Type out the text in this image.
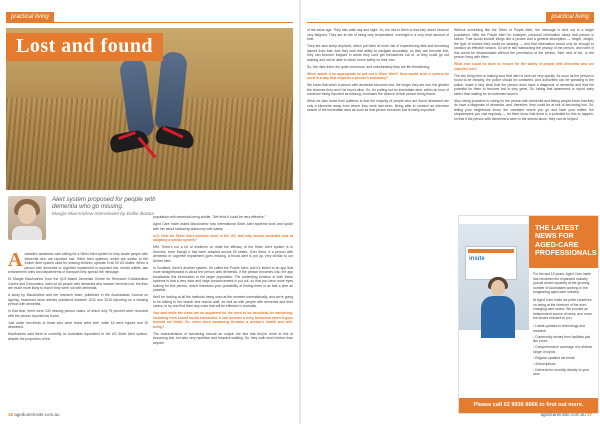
practical living
Lost and found
Alert system proposed for people with dementia who go missing.
Margie MacAndrew interviewed by Dallie Barton

Australia's academic care calling for a Silver Alert system to help locate people with dementia who are reported lost. Silver Alert systems, which are similar to the Amber Alert system used for missing children, operate in all 50 US states. When a person with dementia or cognitive impairment is reported lost, media outlets, law enforcement units and departments of transport help spread the message.

Dr Margie MacAndrew, from the QUT-based Dementia Centre for Research Collaboration Carers and Consumers, said not all people with dementia who wander become lost, but they are much more likely to than if they were not with dementia.

A study by MacAndrew and her research team, published in the Australasian Journal on Ageing, examined news articles published between 2011 and 2015 reporting on a missing person with dementia.

In that time, there were 130 missing person cases, of which only 75 percent were recorded with the person reported as found.

Just under two-thirds of those who were found were well, while 16 were injured and 19 deceased.

MacAndrew said there is currently no Australian equivalent to the US Silver Alert system, despite the proportion of the

population with dementia being similar. "We think it could be very effective."

Aged Care Insite asked MacAndrew how international Silver Alert systems work and spoke with her about balancing autonomy with safety.

ACI: How do Silver Alert systems work in the US, and why should Australia look at adopting a similar system?

MM: There's not a lot of evidence on what the efficacy of the Silver Alert system is in America, even though it has been adopted across 50 states. Over there, if a person with dementia or cognitive impairment goes missing, a broad alert is put up, very similar to our Amber alert.

In Scotland, there's another system. It's called the Purple Alert, and it's linked to an app that more straightforward is about the person with dementia. If the person becomes lost, the app broadcasts this information to the larger population. The underlying function of both these systems is that a very wide and large announcement is put out, so that you have more eyes looking for this person, which increases your probability of finding them in as fast a time as possible.

We'll be looking at all the methods being used at the moment internationally, and we're going to be talking to the search and rescue staff, as well as with people with dementia and their carers, to try and find them any ones that will be effective in Australia.

You said while the news are an argument for the need to be beneficial for wandering, including even sound social interaction, it can become a risky behaviour when it goes beyond set limits. So, when does wandering threaten a person's health and well-being?

The characteristics of wandering include an output: the fact that they're more at risk of becoming lost, but also very repetitive and frequent walking. So, they walk much further than anyone

16 agedcareinsite.com.au
practical living

of the same age. They also walk day and night. So, the risk to them is that they would become very fatigued. They are at risk of being very temperature, overnight in a very short amount of time.

They are also sleep-deprived, which put them at more risk of experiencing falls and becoming injured from that. And they lose that ability to navigate accurately, so they can become lost, they can become trapped in areas they can't get themselves out of, or they could go out walking and not be able to return home safely on their own.

So, the risks there are quite numerous, and unfortunately they are life-threatening.

When would it be appropriate to put out a Silver Alert? How would such a system be used in a way that respects a person's autonomy?

We know that when a person with dementia becomes lost, the longer they are lost, the greater the chances they won't be found alive. So, it's putting out an immediate alert, within an hour of someone being reported as missing, increases the chance of that person being found.

What we also know from patterns is that the majority of people who are found deceased are only a kilometre away from where they were last seen. Being able to conduct an intensive search of the immediate area as soon as that person becomes lost is really important.

Without something like the Silver or Purple Alert, the message is sent out to a larger population. With the Purple Alert for example, personal information about that person is stored. That would include things like a picture and a general description — height, weight, the type of clothes they would be wearing — and that information would only be enough to conduct an effective search. So we're still maintaining the privacy of the person, and none of this would be disseminated without the permission of the person, their next of kin, or the person living with them.

What else could be done to ensure for the safety of people with dementia who are reported lost?

The key thing here is making sure that alert is sent out very quickly. As soon as the person is found to be missing, the police should be contacted. And authorities can be speaking to the police, make it very clear that the person does have a diagnosis of dementia and that the potential for them to become lost is very great. So, taking that awareness to report early rather than waiting for an extended search.

Also, being proactive in caring for the person with dementia and letting people know that they do have a diagnosis of dementia, and, therefore, they could be at risk of becoming lost. So, letting your neighbours know, the caretaker where you go and have your coffee, the shopkeepers you visit regularly — let them know that there is a potential for this to happen, so that if the person with dementia is seen in the streets alone, they can be helped.

insite
THE LATEST NEWS FOR AGED-CARE PROFESSIONALS

For the last 15 years, Aged Care Insite has remained the expanded industry journal aimed squarely at the growing number of Australians working in the burgeoning aged-care industry.

At Aged Care Insite we pride ourselves on being at the forefront of the ever-changing care sector. We provide an independent source of news, and cover the issues relevant to you.

• Latest updates in technology and research
• Community stories from facilities just like yours
• Comprehensive coverage of a diverse range of topics
• Regular updates via email
• Subscriptions
• Delivered bi-monthly directly to your door
Please call 02 9936 8666 to find out more.
agedcareinsite.com.au 17
